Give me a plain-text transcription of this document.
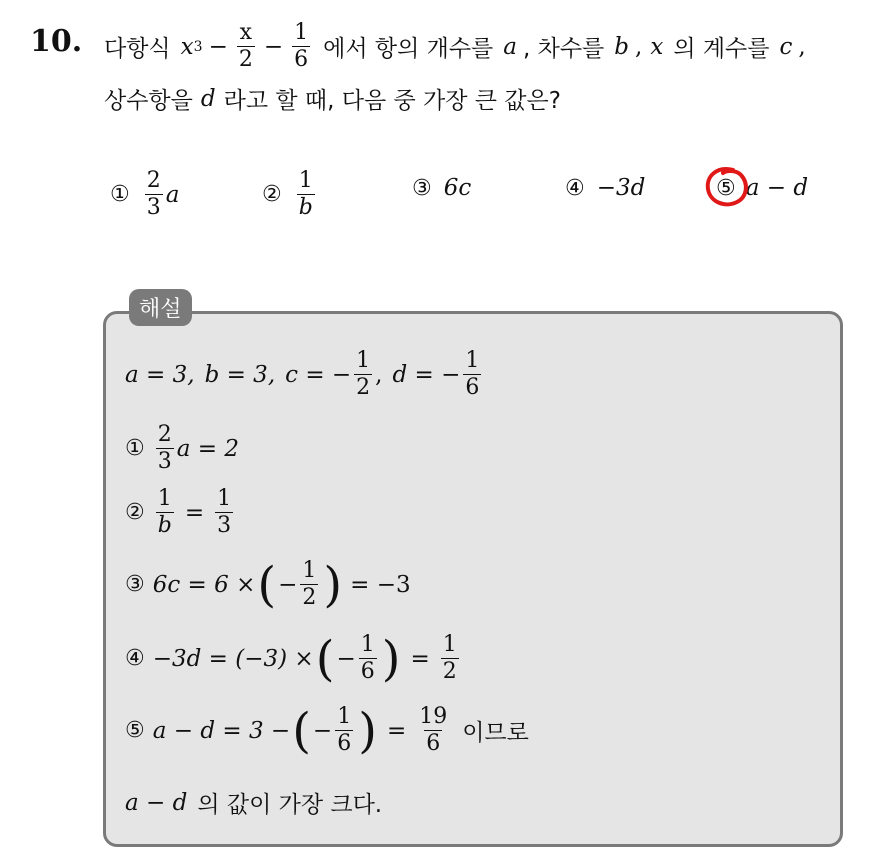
10. 다항식 x $3 - \frac{x}{2} - \frac{1}{6}$ 에서 항의 개수를 a , 차수를 b , x 의 계수를 c ,
상수항을 d 라고 할 때, 다음 중 가장 큰 값은?
① $\frac{2}{3}$ a	② $\frac{1}{b}$	③ 6c	④ −3d	⑤ a − d
해설
a = 3, b = 3, c = − $\frac{1}{2}$ , d = − $\frac{1}{6}$
① $\frac{2}{3}$ a = 2
② $\frac{1}{b} = \frac{1}{3}$
③ 6c = 6 × ( − $\frac{1}{2}$ ) = −3
④ −3d = (−3) × ( − $\frac{1}{6}$ ) = $\frac{1}{2}$
⑤ a − d = 3 − ( − $\frac{1}{6}$ ) = $\frac{19}{6}$ 이므로
a − d 의 값이 가장 크다.
